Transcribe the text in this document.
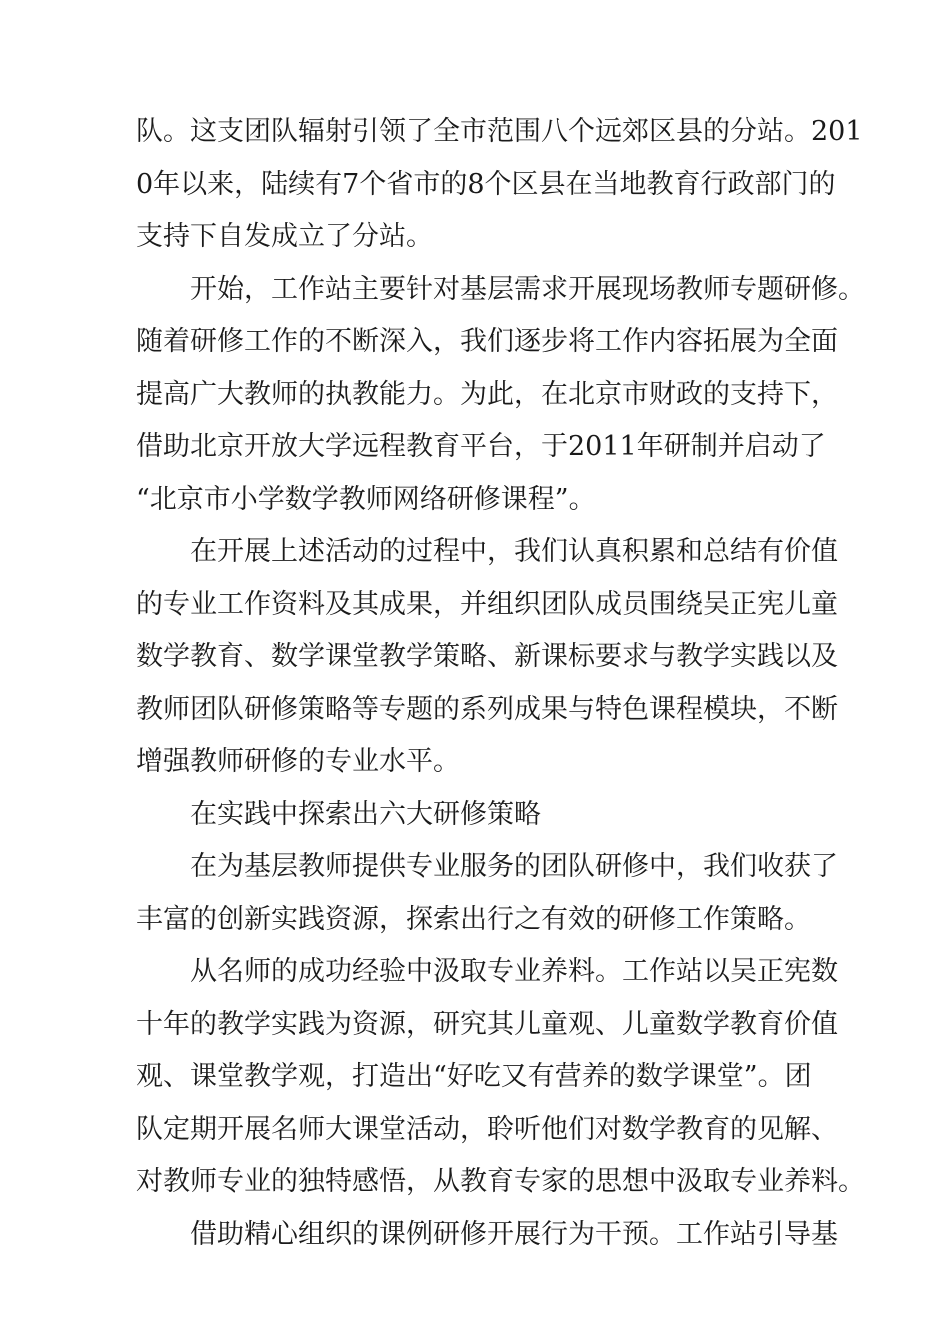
队。这支团队辐射引领了全市范围八个远郊区县的分站。201
0年以来，陆续有7个省市的8个区县在当地教育行政部门的
支持下自发成立了分站。

开始，工作站主要针对基层需求开展现场教师专题研修。
随着研修工作的不断深入，我们逐步将工作内容拓展为全面
提高广大教师的执教能力。为此，在北京市财政的支持下，
借助北京开放大学远程教育平台，于2011年研制并启动了
“北京市小学数学教师网络研修课程”。

在开展上述活动的过程中，我们认真积累和总结有价值
的专业工作资料及其成果，并组织团队成员围绕吴正宪儿童
数学教育、数学课堂教学策略、新课标要求与教学实践以及
教师团队研修策略等专题的系列成果与特色课程模块，不断
增强教师研修的专业水平。

在实践中探索出六大研修策略

在为基层教师提供专业服务的团队研修中，我们收获了
丰富的创新实践资源，探索出行之有效的研修工作策略。

从名师的成功经验中汲取专业养料。工作站以吴正宪数
十年的教学实践为资源，研究其儿童观、儿童数学教育价值
观、课堂教学观，打造出“好吃又有营养的数学课堂”。团
队定期开展名师大课堂活动，聆听他们对数学教育的见解、
对教师专业的独特感悟，从教育专家的思想中汲取专业养料。

借助精心组织的课例研修开展行为干预。工作站引导基
